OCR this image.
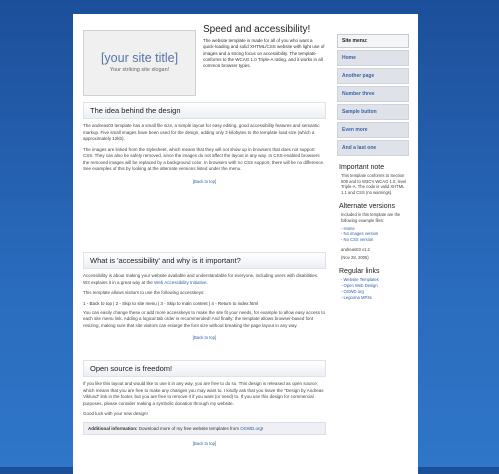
[your site title]
Your striking site slogan!
Speed and accessibility!

The website template is made for all of you who want a quick-loading and solid XHTML/CSS website with light use of images and a strong focus on accessibility. The template conforms to the WCAG 1.0 Triple-A rating, and it works in all common browser types.

The idea behind the design

The andreas03 template has a small file size, a simple layout for easy editing, good accessibility features and semantic markup. Five small images have been used for the design, adding only 3 kilobytes to the template load size (which a approximately 12kb).

The images are linked from the stylesheet, which means that they will not show up in browsers that does not support CSS. They can also be safely removed, since the images do not affect the layout in any way. In CSS-enabled browsers the removed images will be replaced by a background color. In browsers with no CSS support, there will be no difference. See examples of this by looking at the alternate versions listed under the menu.

[Back to top]
What is 'accessibility' and why is it important?

Accessibility is about making your website available and understandable for everyone, including users with disabilities. W3 explains it in a great way at the Web Accessibility Initiative.

This template allows visitors to use the following accesskeys:

1 - Back to top | 2 - Skip to site menu | 3 - Skip to main content | 4 - Return to index.html

You can easily change these or add more accesskeys to make the site fit your needs, for example to allow easy access to each site menu link. Adding a logical tab order is recommended! And finally: the template allows browser-based font resizing, making sure that site visitors can enlarge the font size without breaking the page layout in any way.

[Back to top]
Open source is freedom!

If you like this layout and would like to use it in any way, you are free to do so. This design is released as open source, which means that you are free to make any changes you may want to. I kindly ask that you leave the "Design by Andreas Viklund" link in the footer, but you are free to remove it if you want (or need) to. If you use this design for commercial purposes, please consider making a symbolic donation through my website.

Good luck with your new design!

Additional information: Download more of my free website templates from OSWD.org!
[Back to top]
Site menu:
Home
Another page
Number three
Sample button
Even more
And a last one
Important note
This template conforms to Section 508 and to W3C's WCAG 1.0, level Triple-A. The code is valid XHTML 1.1 and CSS (no warnings).
Alternate versions
Included in this template are the following example files:
- Home
- No images version
- No CSS version
andreas03 v1.2
(Nov 28, 2005)
Regular links
- Website Templates
- Open Web Design
- OSWD.org
- Legoona MP3s
